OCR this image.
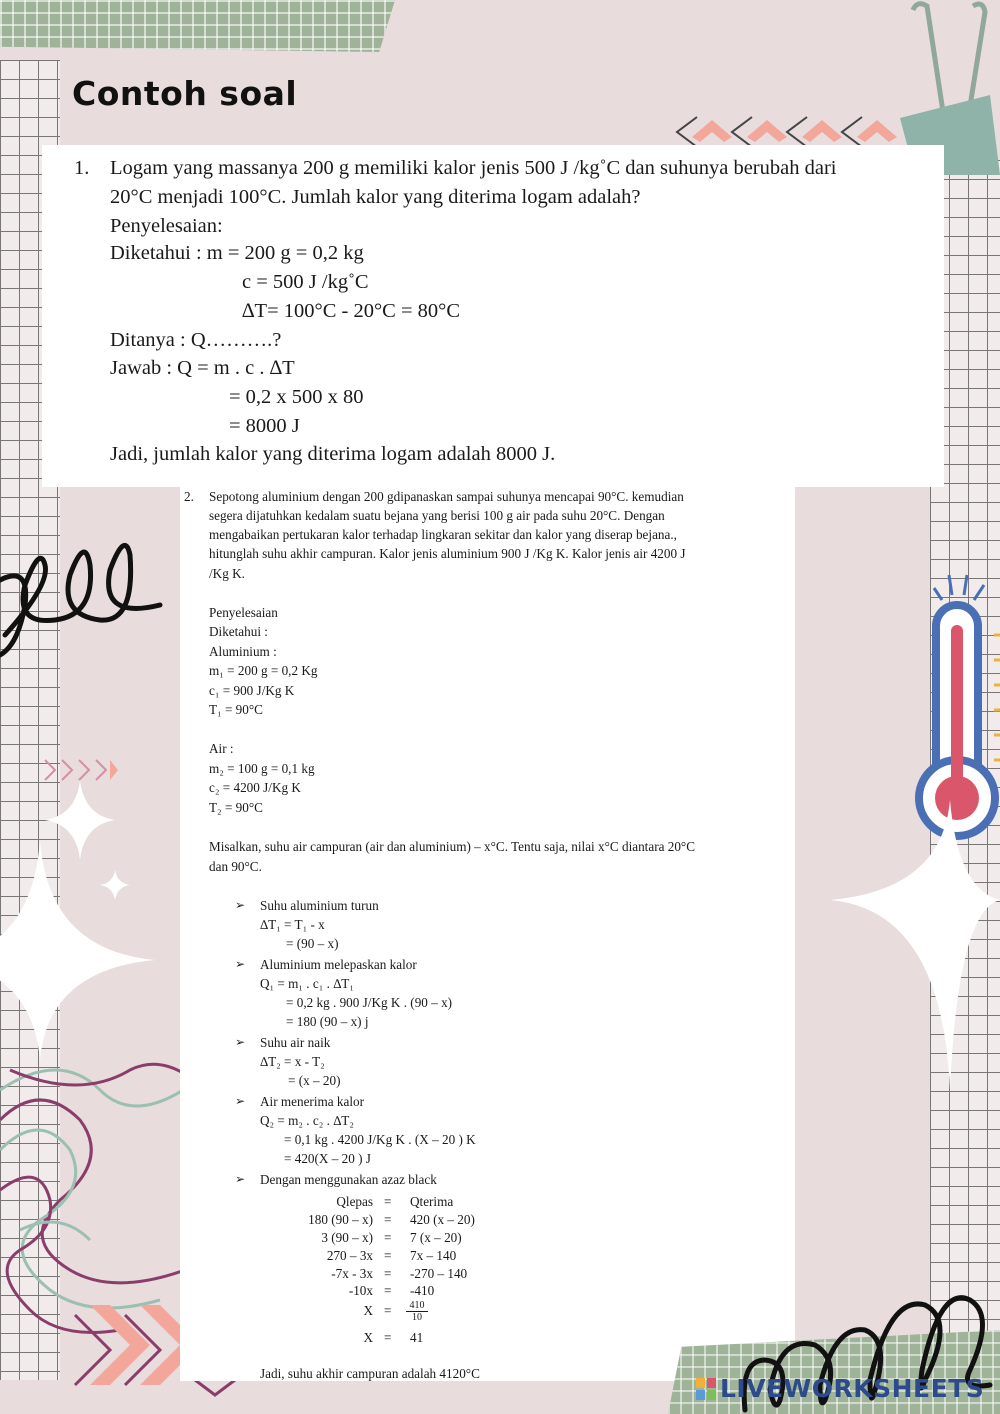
Contoh soal
1. Logam yang massanya 200 g memiliki kalor jenis 500 J /kg˚C dan suhunya berubah dari
20°C menjadi 100°C. Jumlah kalor yang diterima logam adalah?
Penyelesaian:
Diketahui : m = 200 g = 0,2 kg
c = 500 J /kg˚C
∆T= 100°C - 20°C = 80°C
Ditanya : Q……….?
Jawab : Q = m . c . ∆T
= 0,2 x 500 x 80
= 8000 J
Jadi, jumlah kalor yang diterima logam adalah 8000 J.
2. Sepotong aluminium dengan 200 gdipanaskan sampai suhunya mencapai 90°C. kemudian
segera dijatuhkan kedalam suatu bejana yang berisi 100 g air pada suhu 20°C. Dengan
mengabaikan pertukaran kalor terhadap lingkaran sekitar dan kalor yang diserap bejana.,
hitunglah suhu akhir campuran. Kalor jenis aluminium 900 J /Kg K. Kalor jenis air 4200 J
/Kg K.
Penyelesaian
Diketahui :
Aluminium :
m₁ = 200 g = 0,2 Kg
c₁ = 900 J/Kg K
T₁ = 90°C
Air :
m₂ = 100 g = 0,1 kg
c₂ = 4200 J/Kg K
T₂ = 90°C
Misalkan, suhu air campuran (air dan aluminium) – x°C. Tentu saja, nilai x°C diantara 20°C
dan 90°C.
➢ Suhu aluminium turun
∆T₁ = T₁ - x
= (90 – x)
➢ Aluminium melepaskan kalor
Q₁ = m₁ . c₁ . ∆T₁
= 0,2 kg . 900 J/Kg K . (90 – x)
= 180 (90 – x) j
➢ Suhu air naik
∆T₂ = x - T₂
= (x – 20)
➢ Air menerima kalor
Q₂ = m₂ . c₂ . ∆T₂
= 0,1 kg . 4200 J/Kg K . (X – 20 ) K
= 420(X – 20 ) J
➢ Dengan menggunakan azaz black
Qlepas = Qterima
180 (90 – x) = 420 (x – 20)
3 (90 – x) = 7 (x – 20)
270 – 3x = 7x – 140
-7x - 3x = -270 – 140
-10x = -410
$X = \frac{410}{10}$
X = 41
Jadi, suhu akhir campuran adalah 4120°C
LIVEWORKSHEETS
